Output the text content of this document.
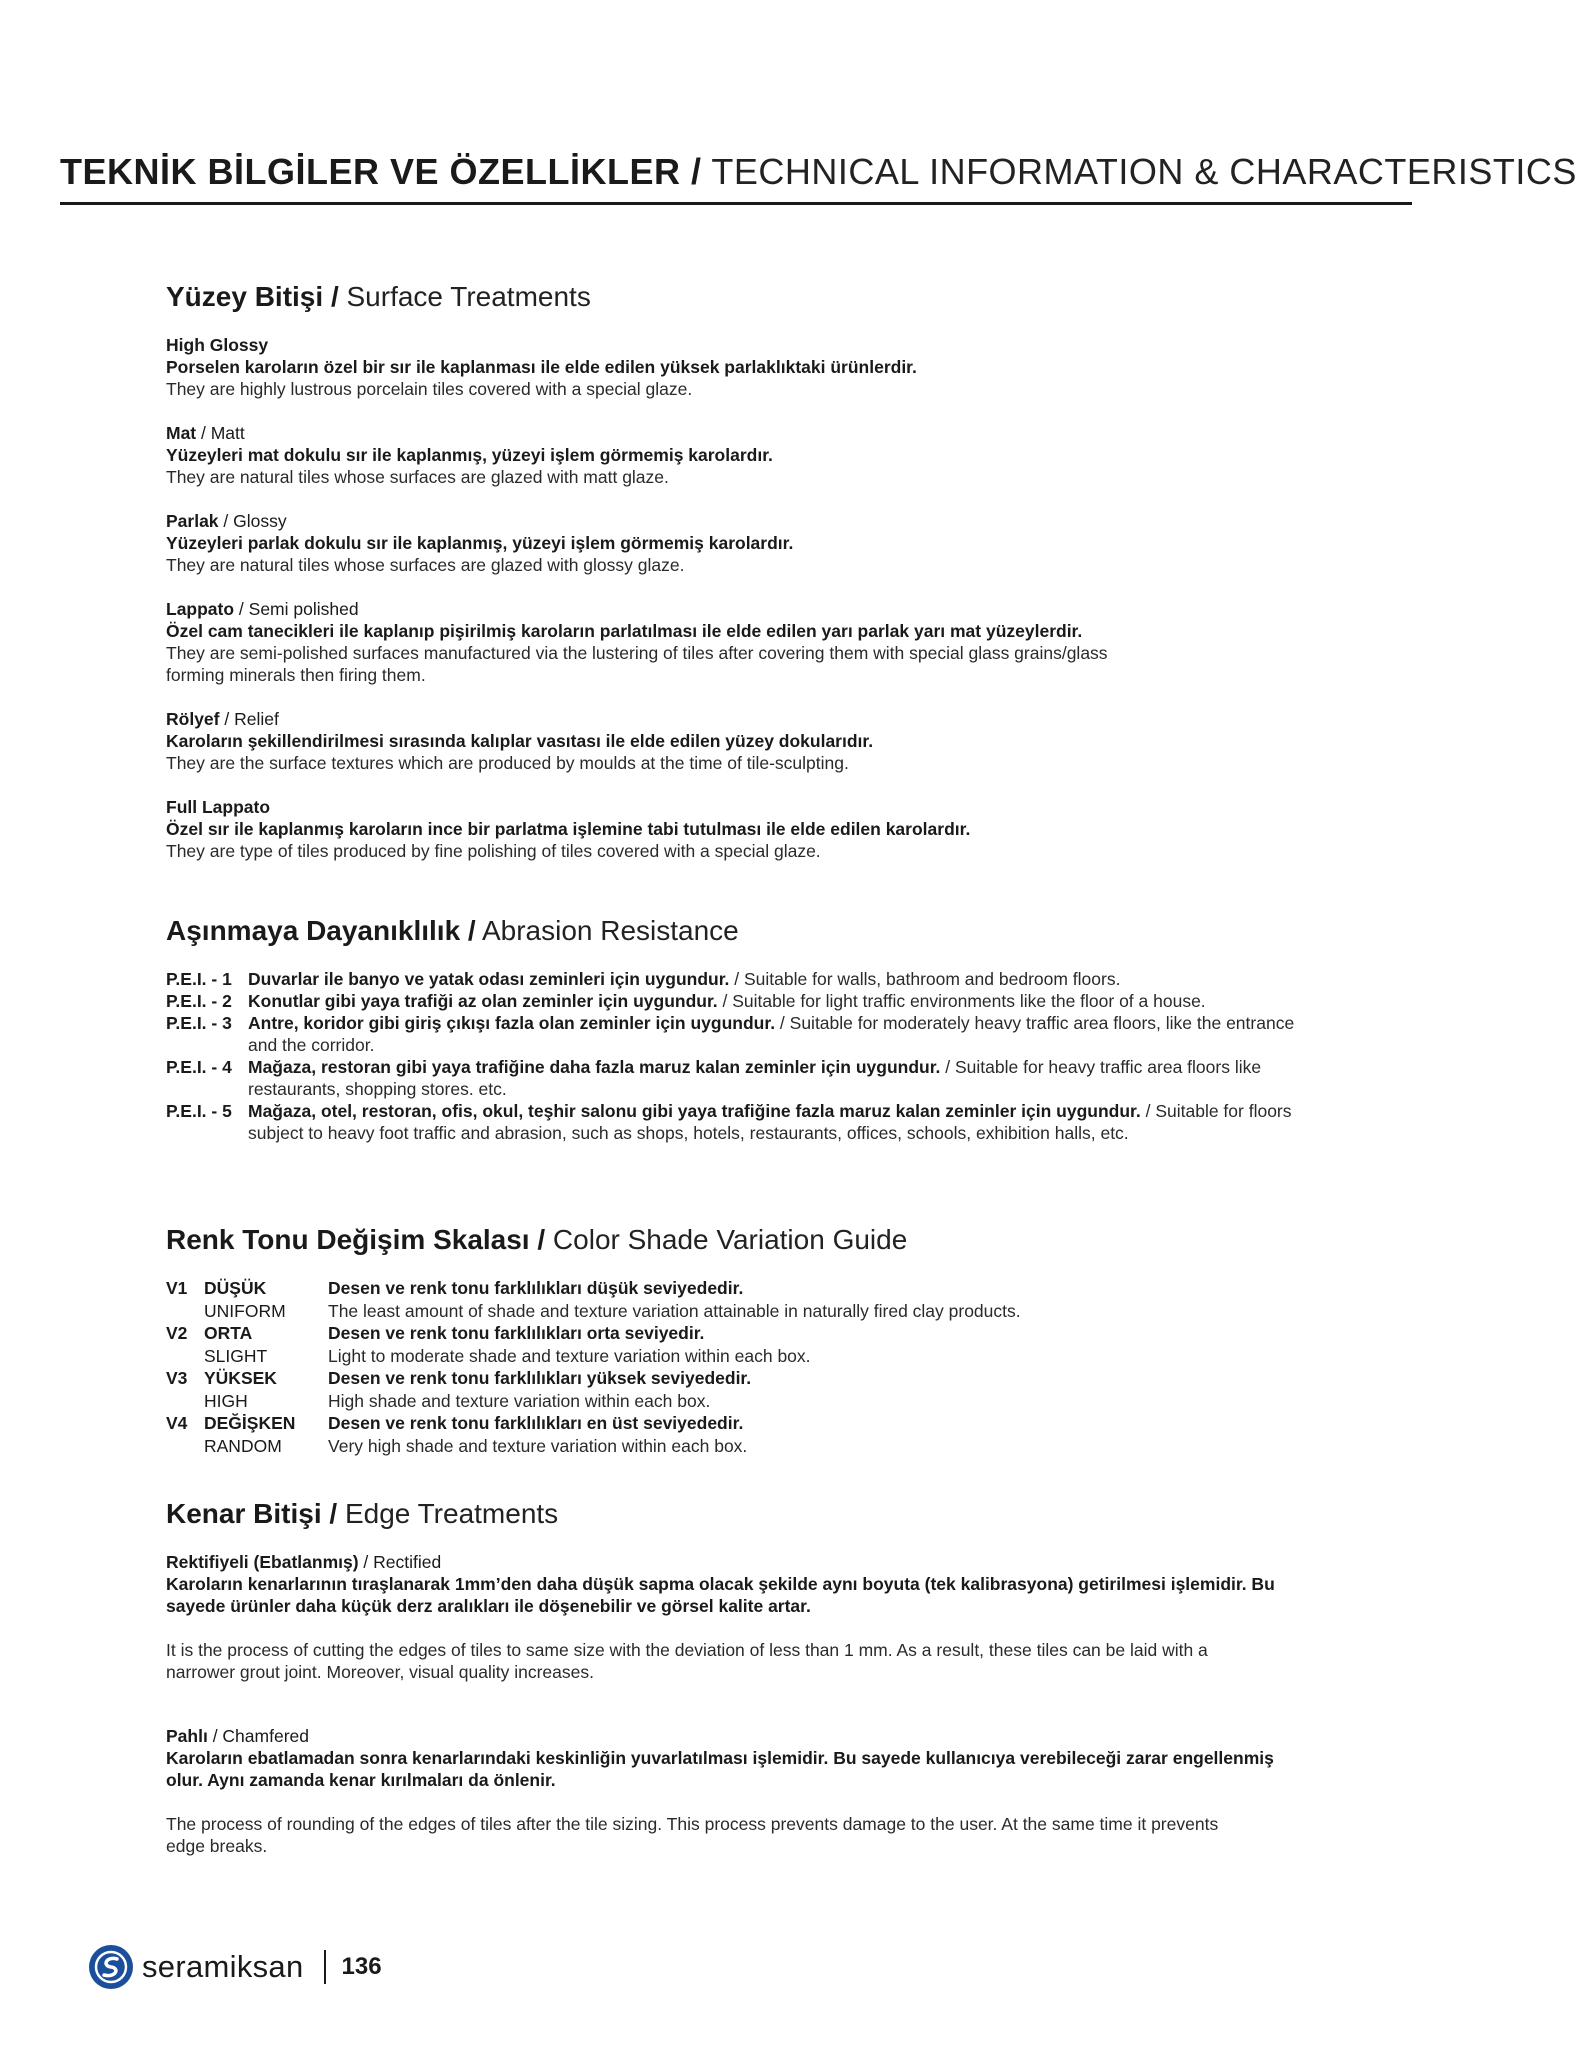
TEKNİK BİLGİLER VE ÖZELLİKLER / TECHNICAL INFORMATION & CHARACTERISTICS
Yüzey Bitişi / Surface Treatments
High Glossy
Porselen karoların özel bir sır ile kaplanması ile elde edilen yüksek parlaklıktaki ürünlerdir.
They are highly lustrous porcelain tiles covered with a special glaze.
Mat / Matt
Yüzeyleri mat dokulu sır ile kaplanmış, yüzeyi işlem görmemiş karolardır.
They are natural tiles whose surfaces are glazed with matt glaze.
Parlak / Glossy
Yüzeyleri parlak dokulu sır ile kaplanmış, yüzeyi işlem görmemiş karolardır.
They are natural tiles whose surfaces are glazed with glossy glaze.
Lappato / Semi polished
Özel cam tanecikleri ile kaplanıp pişirilmiş karoların parlatılması ile elde edilen yarı parlak yarı mat yüzeylerdir.
They are semi-polished surfaces manufactured via the lustering of tiles after covering them with special glass grains/glass forming minerals then firing them.
Rölyef / Relief
Karoların şekillendirilmesi sırasında kalıplar vasıtası ile elde edilen yüzey dokularıdır.
They are the surface textures which are produced by moulds at the time of tile-sculpting.
Full Lappato
Özel sır ile kaplanmış karoların ince bir parlatma işlemine tabi tutulması ile elde edilen karolardır.
They are type of tiles produced by fine polishing of tiles covered with a special glaze.
Aşınmaya Dayanıklılık / Abrasion Resistance
P.E.I. - 1 Duvarlar ile banyo ve yatak odası zeminleri için uygundur. / Suitable for walls, bathroom and bedroom floors.
P.E.I. - 2 Konutlar gibi yaya trafiği az olan zeminler için uygundur. / Suitable for light traffic environments like the floor of a house.
P.E.I. - 3 Antre, koridor gibi giriş çıkışı fazla olan zeminler için uygundur. / Suitable for moderately heavy traffic area floors, like the entrance and the corridor.
P.E.I. - 4 Mağaza, restoran gibi yaya trafiğine daha fazla maruz kalan zeminler için uygundur. / Suitable for heavy traffic area floors like restaurants, shopping stores. etc.
P.E.I. - 5 Mağaza, otel, restoran, ofis, okul, teşhir salonu gibi yaya trafiğine fazla maruz kalan zeminler için uygundur. / Suitable for floors subject to heavy foot traffic and abrasion, such as shops, hotels, restaurants, offices, schools, exhibition halls, etc.
Renk Tonu Değişim Skalası / Color Shade Variation Guide
V1 DÜŞÜK	Desen ve renk tonu farklılıkları düşük seviyededir.
UNIFORM	The least amount of shade and texture variation attainable in naturally fired clay products.
V2 ORTA	Desen ve renk tonu farklılıkları orta seviyedir.
SLIGHT	Light to moderate shade and texture variation within each box.
V3 YÜKSEK	Desen ve renk tonu farklılıkları yüksek seviyededir.
HIGH	High shade and texture variation within each box.
V4 DEĞİŞKEN	Desen ve renk tonu farklılıkları en üst seviyededir.
RANDOM	Very high shade and texture variation within each box.
Kenar Bitişi / Edge Treatments
Rektifiyeli (Ebatlanmış) / Rectified

Karoların kenarlarının tıraşlanarak 1mm’den daha düşük sapma olacak şekilde aynı boyuta (tek kalibrasyona) getirilmesi işlemidir. Bu sayede ürünler daha küçük derz aralıkları ile döşenebilir ve görsel kalite artar.

It is the process of cutting the edges of tiles to same size with the deviation of less than 1 mm. As a result, these tiles can be laid with a narrower grout joint. Moreover, visual quality increases.

Pahlı / Chamfered

Karoların ebatlamadan sonra kenarlarındaki keskinliğin yuvarlatılması işlemidir. Bu sayede kullanıcıya verebileceği zarar engellenmiş olur. Aynı zamanda kenar kırılmaları da önlenir.

The process of rounding of the edges of tiles after the tile sizing. This process prevents damage to the user. At the same time it prevents edge breaks.

seramiksan 136
